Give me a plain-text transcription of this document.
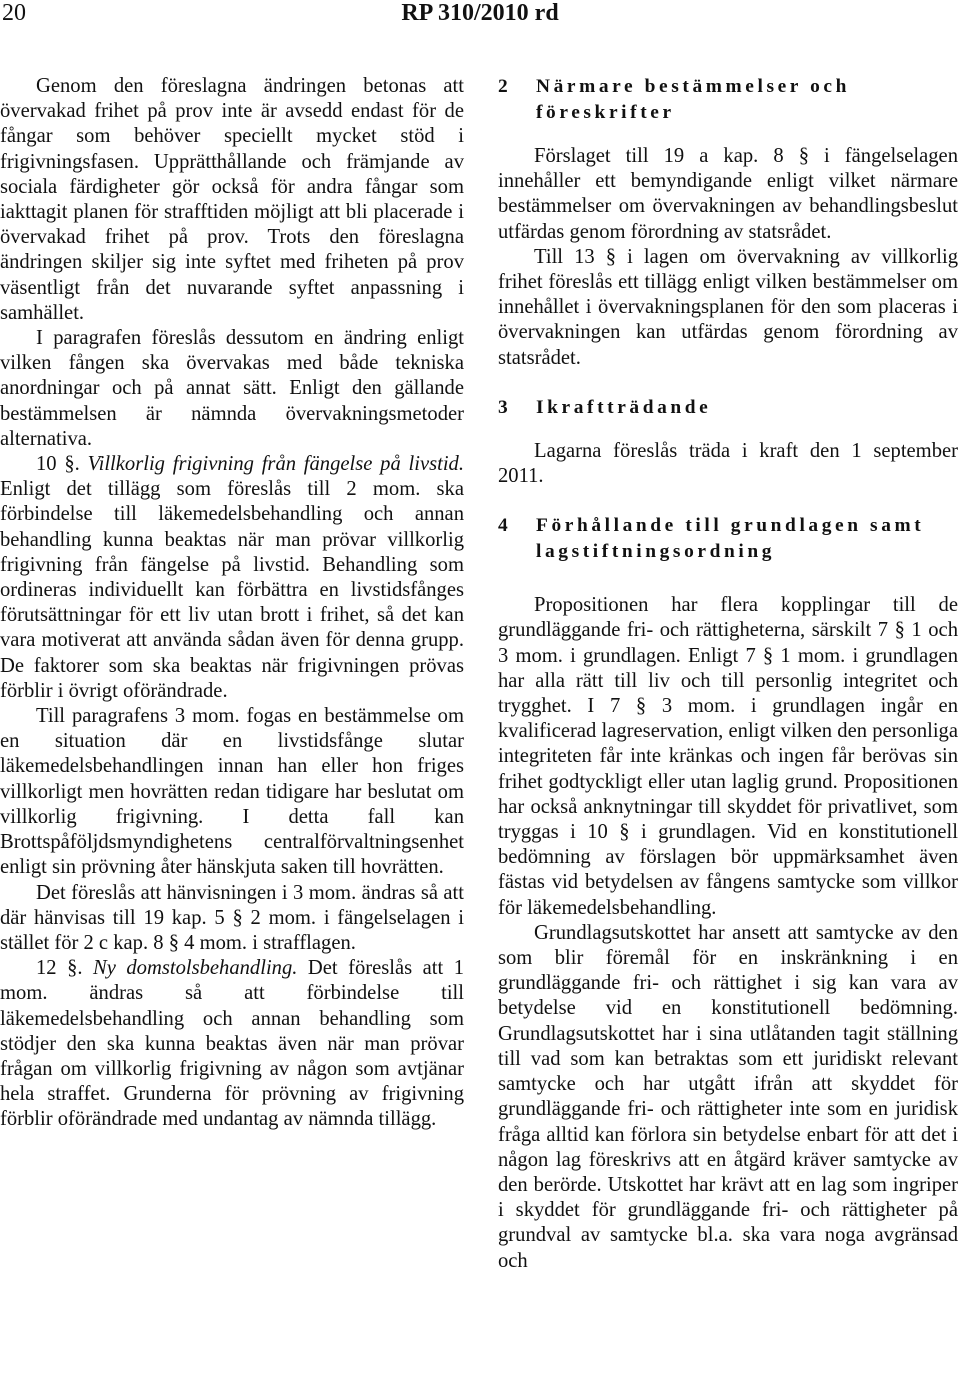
20	RP 310/2010 rd

Genom den föreslagna ändringen betonas att övervakad frihet på prov inte är avsedd endast för de fångar som behöver speciellt mycket stöd i frigivningsfasen. Upprätthållande och främjande av sociala färdigheter gör också för andra fångar som iakttagit planen för strafftiden möjligt att bli placerade i övervakad frihet på prov. Trots den föreslagna ändringen skiljer sig inte syftet med friheten på prov väsentligt från det nuvarande syftet anpassning i samhället.

I paragrafen föreslås dessutom en ändring enligt vilken fången ska övervakas med både tekniska anordningar och på annat sätt. Enligt den gällande bestämmelsen är nämnda övervakningsmetoder alternativa.

10 §. Villkorlig frigivning från fängelse på livstid. Enligt det tillägg som föreslås till 2 mom. ska förbindelse till läkemedelsbehandling och annan behandling kunna beaktas när man prövar villkorlig frigivning från fängelse på livstid. Behandling som ordineras individuellt kan förbättra en livstidsfånges förutsättningar för ett liv utan brott i frihet, så det kan vara motiverat att använda sådan även för denna grupp. De faktorer som ska beaktas när frigivningen prövas förblir i övrigt oförändrade.

Till paragrafens 3 mom. fogas en bestämmelse om en situation där en livstidsfånge slutar läkemedelsbehandlingen innan han eller hon friges villkorligt men hovrätten redan tidigare har beslutat om villkorlig frigivning. I detta fall kan Brottspåföljdsmyndighetens centralförvaltningsenhet enligt sin prövning åter hänskjuta saken till hovrätten.

Det föreslås att hänvisningen i 3 mom. ändras så att där hänvisas till 19 kap. 5 § 2 mom. i fängelselagen i stället för 2 c kap. 8 § 4 mom. i strafflagen.

12 §. Ny domstolsbehandling. Det föreslås att 1 mom. ändras så att förbindelse till läkemedelsbehandling och annan behandling som stödjer den ska kunna beaktas även när man prövar frågan om villkorlig frigivning av någon som avtjänar hela straffet. Grunderna för prövning av frigivning förblir oförändrade med undantag av nämnda tillägg.

2 Närmare bestämmelser och föreskrifter

Förslaget till 19 a kap. 8 § i fängelselagen innehåller ett bemyndigande enligt vilket närmare bestämmelser om övervakningen av behandlingsbeslut utfärdas genom förordning av statsrådet.

Till 13 § i lagen om övervakning av villkorlig frihet föreslås ett tillägg enligt vilken bestämmelser om innehållet i övervakningsplanen för den som placeras i övervakningen kan utfärdas genom förordning av statsrådet.

3 Ikraftträdande

Lagarna föreslås träda i kraft den 1 september 2011.

4 Förhållande till grundlagen samt lagstiftningsordning

Propositionen har flera kopplingar till de grundläggande fri- och rättigheterna, särskilt 7 § 1 och 3 mom. i grundlagen. Enligt 7 § 1 mom. i grundlagen har alla rätt till liv och till personlig integritet och trygghet. I 7 § 3 mom. i grundlagen ingår en kvalificerad lagreservation, enligt vilken den personliga integriteten får inte kränkas och ingen får berövas sin frihet godtyckligt eller utan laglig grund. Propositionen har också anknytningar till skyddet för privatlivet, som tryggas i 10 § i grundlagen. Vid en konstitutionell bedömning av förslagen bör uppmärksamhet även fästas vid betydelsen av fångens samtycke som villkor för läkemedelsbehandling.

Grundlagsutskottet har ansett att samtycke av den som blir föremål för en inskränkning i en grundläggande fri- och rättighet i sig kan vara av betydelse vid en konstitutionell bedömning. Grundlagsutskottet har i sina utlåtanden tagit ställning till vad som kan betraktas som ett juridiskt relevant samtycke och har utgått ifrån att skyddet för grundläggande fri- och rättigheter inte som en juridisk fråga alltid kan förlora sin betydelse enbart för att det i någon lag föreskrivs att en åtgärd kräver samtycke av den berörde. Utskottet har krävt att en lag som ingriper i skyddet för grundläggande fri- och rättigheter på grundval av samtycke bl.a. ska vara noga avgränsad och
